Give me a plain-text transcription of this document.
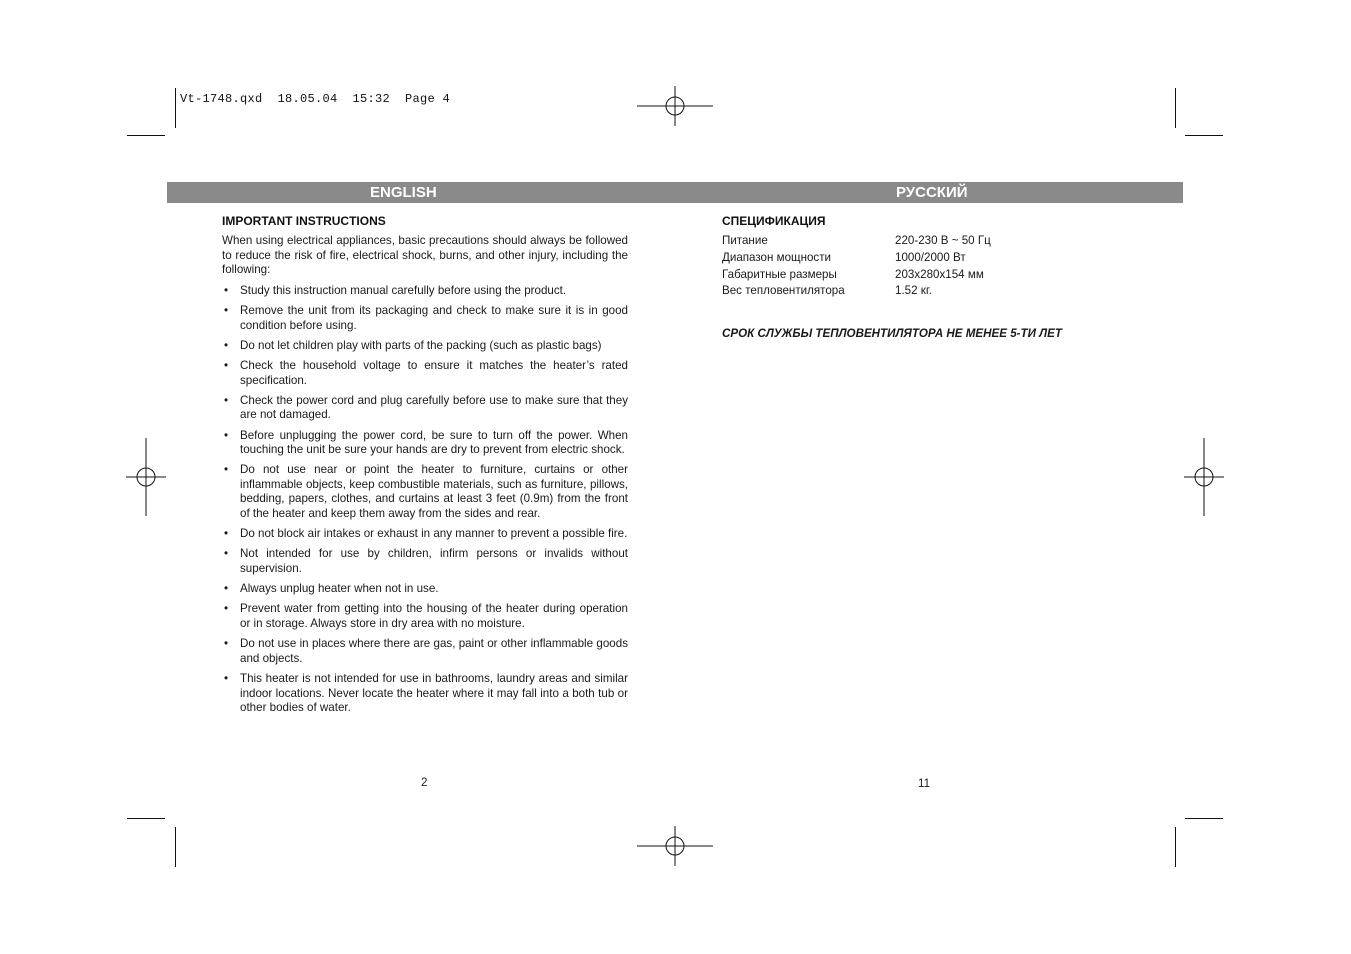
Vt-1748.qxd  18.05.04  15:32  Page 4
ENGLISH	РУССКИЙ
IMPORTANT INSTRUCTIONS
When using electrical appliances, basic precautions should always be followed to reduce the risk of fire, electrical shock, burns, and other injury, including the following:
• Study this instruction manual carefully before using the product.
• Remove the unit from its packaging and check to make sure it is in good condition before using.
• Do not let children play with parts of the packing (such as plastic bags)
• Check the household voltage to ensure it matches the heater’s rated specification.
• Check the power cord and plug carefully before use to make sure that they are not damaged.
• Before unplugging the power cord, be sure to turn off the power. When touching the unit be sure your hands are dry to prevent from electric shock.
• Do not use near or point the heater to furniture, curtains or other inflammable objects, keep combustible materials, such as furniture, pillows, bedding, papers, clothes, and curtains at least 3 feet (0.9m) from the front of the heater and keep them away from the sides and rear.
• Do not block air intakes or exhaust in any manner to prevent a possible fire.
• Not intended for use by children, infirm persons or invalids without supervision.
• Always unplug heater when not in use.
• Prevent water from getting into the housing of the heater during operation or in storage. Always store in dry area with no moisture.
• Do not use in places where there are gas, paint or other inflammable goods and objects.
• This heater is not intended for use in bathrooms, laundry areas and similar indoor locations. Never locate the heater where it may fall into a both tub or other bodies of water.
СПЕЦИФИКАЦИЯ
Питание	220-230 В ~ 50 Гц
Диапазон мощности	1000/2000 Вт
Габаритные размеры	203x280x154 мм
Вес тепловентилятора	1.52 кг.
СРОК СЛУЖБЫ ТЕПЛОВЕНТИЛЯТОРА НЕ МЕНЕЕ 5-ТИ ЛЕТ
2	11
